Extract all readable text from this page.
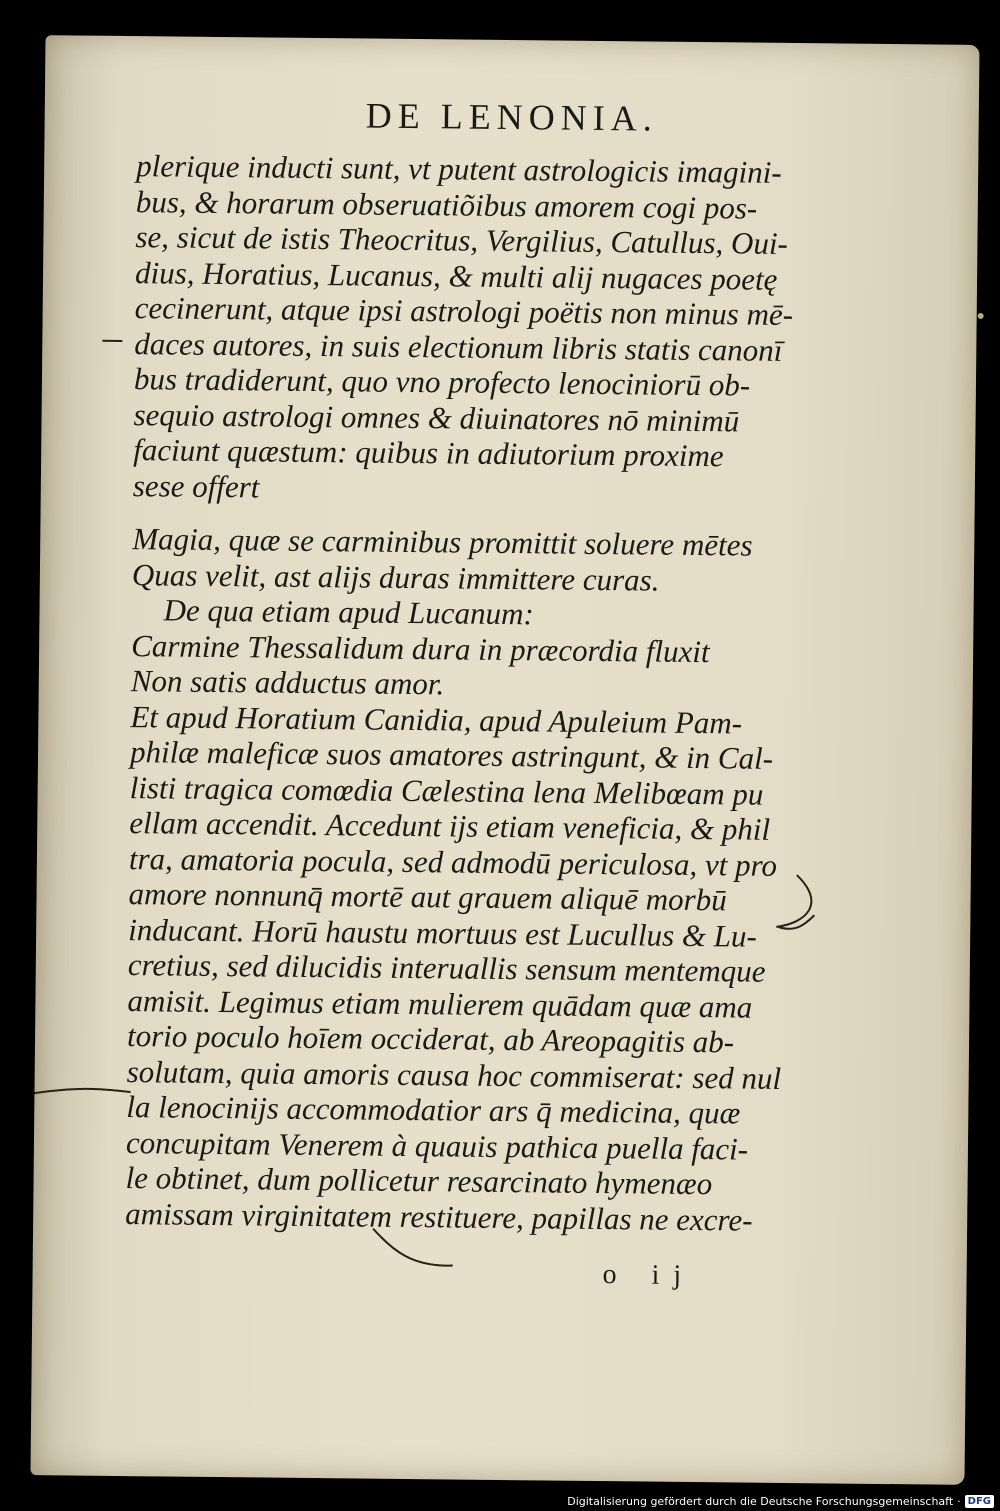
DE LENONIA.
plerique inducti sunt, vt putent astrologicis imagini-
bus, & horarum obseruatiõibus amorem cogi pos-
se, sicut de istis Theocritus, Vergilius, Catullus, Oui-
dius, Horatius, Lucanus, & multi alij nugaces poetę
cecinerunt, atque ipsi astrologi poëtis non minus mē-
daces autores, in suis electionum libris statis canonī
bus tradiderunt, quo vno profecto lenociniorū ob-
sequio astrologi omnes & diuinatores nō minimū
faciunt quæstum: quibus in adiutorium proxime
sese offert
Magia, quæ se carminibus promittit soluere mētes
Quas velit, ast alijs duras immittere curas.
De qua etiam apud Lucanum:
Carmine Thessalidum dura in præcordia fluxit
Non satis adductus amor.
Et apud Horatium Canidia, apud Apuleium Pam-
philæ maleficæ suos amatores astringunt, & in Cal-
listi tragica comœdia Cælestina lena Melibœam pu
ellam accendit. Accedunt ijs etiam veneficia, & phil
tra, amatoria pocula, sed admodū periculosa, vt pro
amore nonnunq̄ mortē aut grauem aliquē morbū
inducant. Horū haustu mortuus est Lucullus & Lu-
cretius, sed dilucidis interuallis sensum mentemque
amisit. Legimus etiam mulierem quādam quæ ama
torio poculo hoīem occiderat, ab Areopagitis ab-
solutam, quia amoris causa hoc commiserat: sed nul
la lenocinijs accommodatior ars q̄ medicina, quæ
concupitam Venerem à quauis pathica puella faci-
le obtinet, dum pollicetur resarcinato hymenæo
amissam virginitatem restituere, papillas ne excre-
o ij
Digitalisierung gefördert durch die Deutsche Forschungsgemeinschaft · DFG
